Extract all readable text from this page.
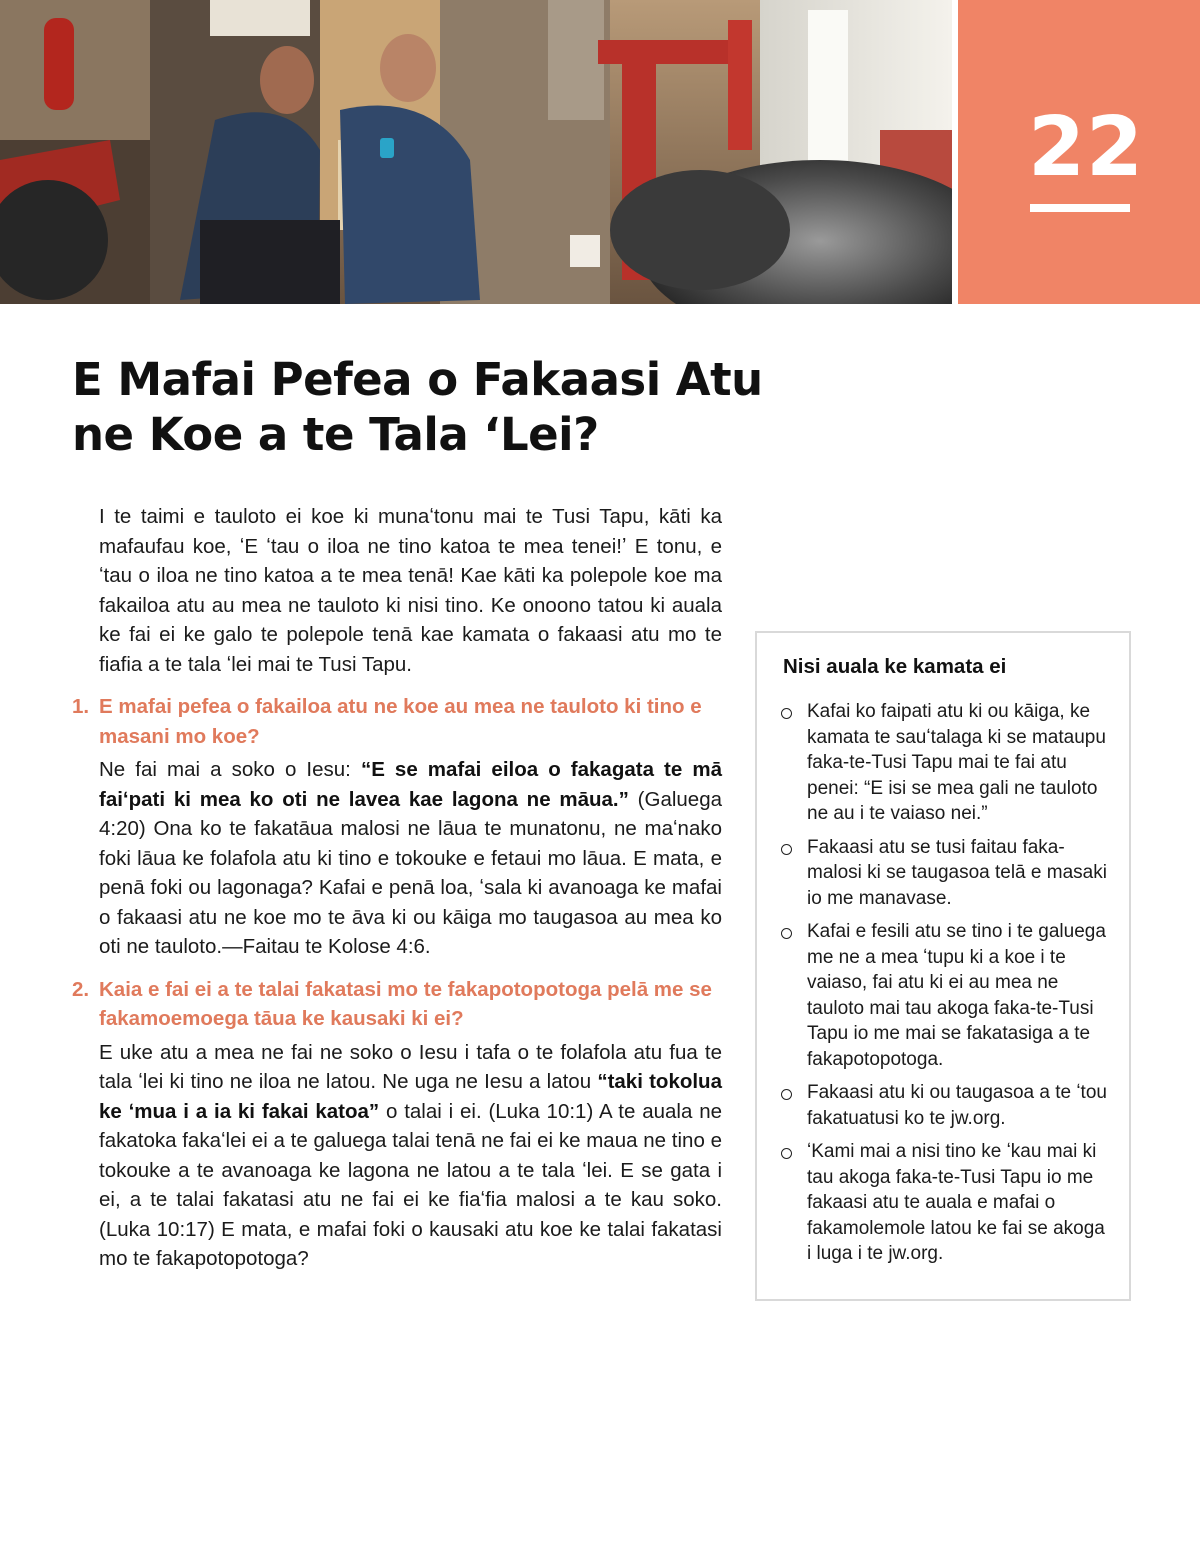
22
E Mafai Pefea o Fakaasi Atu
ne Koe a te Tala ʻLei?

I te taimi e tauloto ei koe ki munaʻtonu mai te Tusi Tapu, kāti ka mafaufau koe, ʻE ʻtau o iloa ne tino katoa te mea tenei!ʼ E tonu, e ʻtau o iloa ne tino katoa a te mea tenā! Kae kāti ka polepole koe ma fakailoa atu au mea ne tauloto ki nisi tino. Ke onoono tatou ki auala ke fai ei ke galo te polepole tenā kae kamata o fakaasi atu mo te fiafia a te tala ʻlei mai te Tusi Tapu.

1. E mafai pefea o fakailoa atu ne koe au mea ne tauloto ki tino e masani mo koe?

Ne fai mai a soko o Iesu: “E se mafai eiloa o fakagata te mā faiʻpati ki mea ko oti ne lavea kae lagona ne māua.” (Galuega 4:20) Ona ko te fakatāua malosi ne lāua te munatonu, ne maʻnako foki lāua ke folafola atu ki tino e tokouke e fetaui mo lāua. E mata, e penā foki ou lagonaga? Kafai e penā loa, ʻsala ki avanoaga ke mafai o fakaasi atu ne koe mo te āva ki ou kāiga mo taugasoa au mea ko oti ne tauloto.—Faitau te Kolose 4:6.

2. Kaia e fai ei a te talai fakatasi mo te fakapotopotoga pelā me se fakamoemoega tāua ke kausaki ki ei?

E uke atu a mea ne fai ne soko o Iesu i tafa o te folafola atu fua te tala ʻlei ki tino ne iloa ne latou. Ne uga ne Iesu a latou “taki tokolua ke ʻmua i a ia ki fakai katoa” o talai i ei. (Luka 10:1) A te auala ne fakatoka fakaʻlei ei a te galuega talai tenā ne fai ei ke maua ne tino e tokouke a te avanoaga ke lagona ne latou a te tala ʻlei. E se gata i ei, a te talai fakatasi atu ne fai ei ke fiaʻfia malosi a te kau soko. (Luka 10:17) E mata, e mafai foki o kausaki atu koe ke talai fakatasi mo te fakapotopotoga?

Nisi auala ke kamata ei
Kafai ko faipati atu ki ou kāiga, ke kamata te sauʻtalaga ki se mataupu faka-te-Tusi Tapu mai te fai atu penei: “E isi se mea gali ne tauloto ne au i te vaiaso nei.”
Fakaasi atu se tusi faitau fakamalosi ki se taugasoa telā e masaki io me manavase.
Kafai e fesili atu se tino i te galuega me ne a mea ʻtupu ki a koe i te vaiaso, fai atu ki ei au mea ne tauloto mai tau akoga faka-te-Tusi Tapu io me mai se fakatasiga a te fakapotopotoga.
Fakaasi atu ki ou taugasoa a te ʻtou fakatuatusi ko te jw.org.
ʻKami mai a nisi tino ke ʻkau mai ki tau akoga faka-te-Tusi Tapu io me fakaasi atu te auala e mafai o fakamolemole latou ke fai se akoga i luga i te jw.org.
